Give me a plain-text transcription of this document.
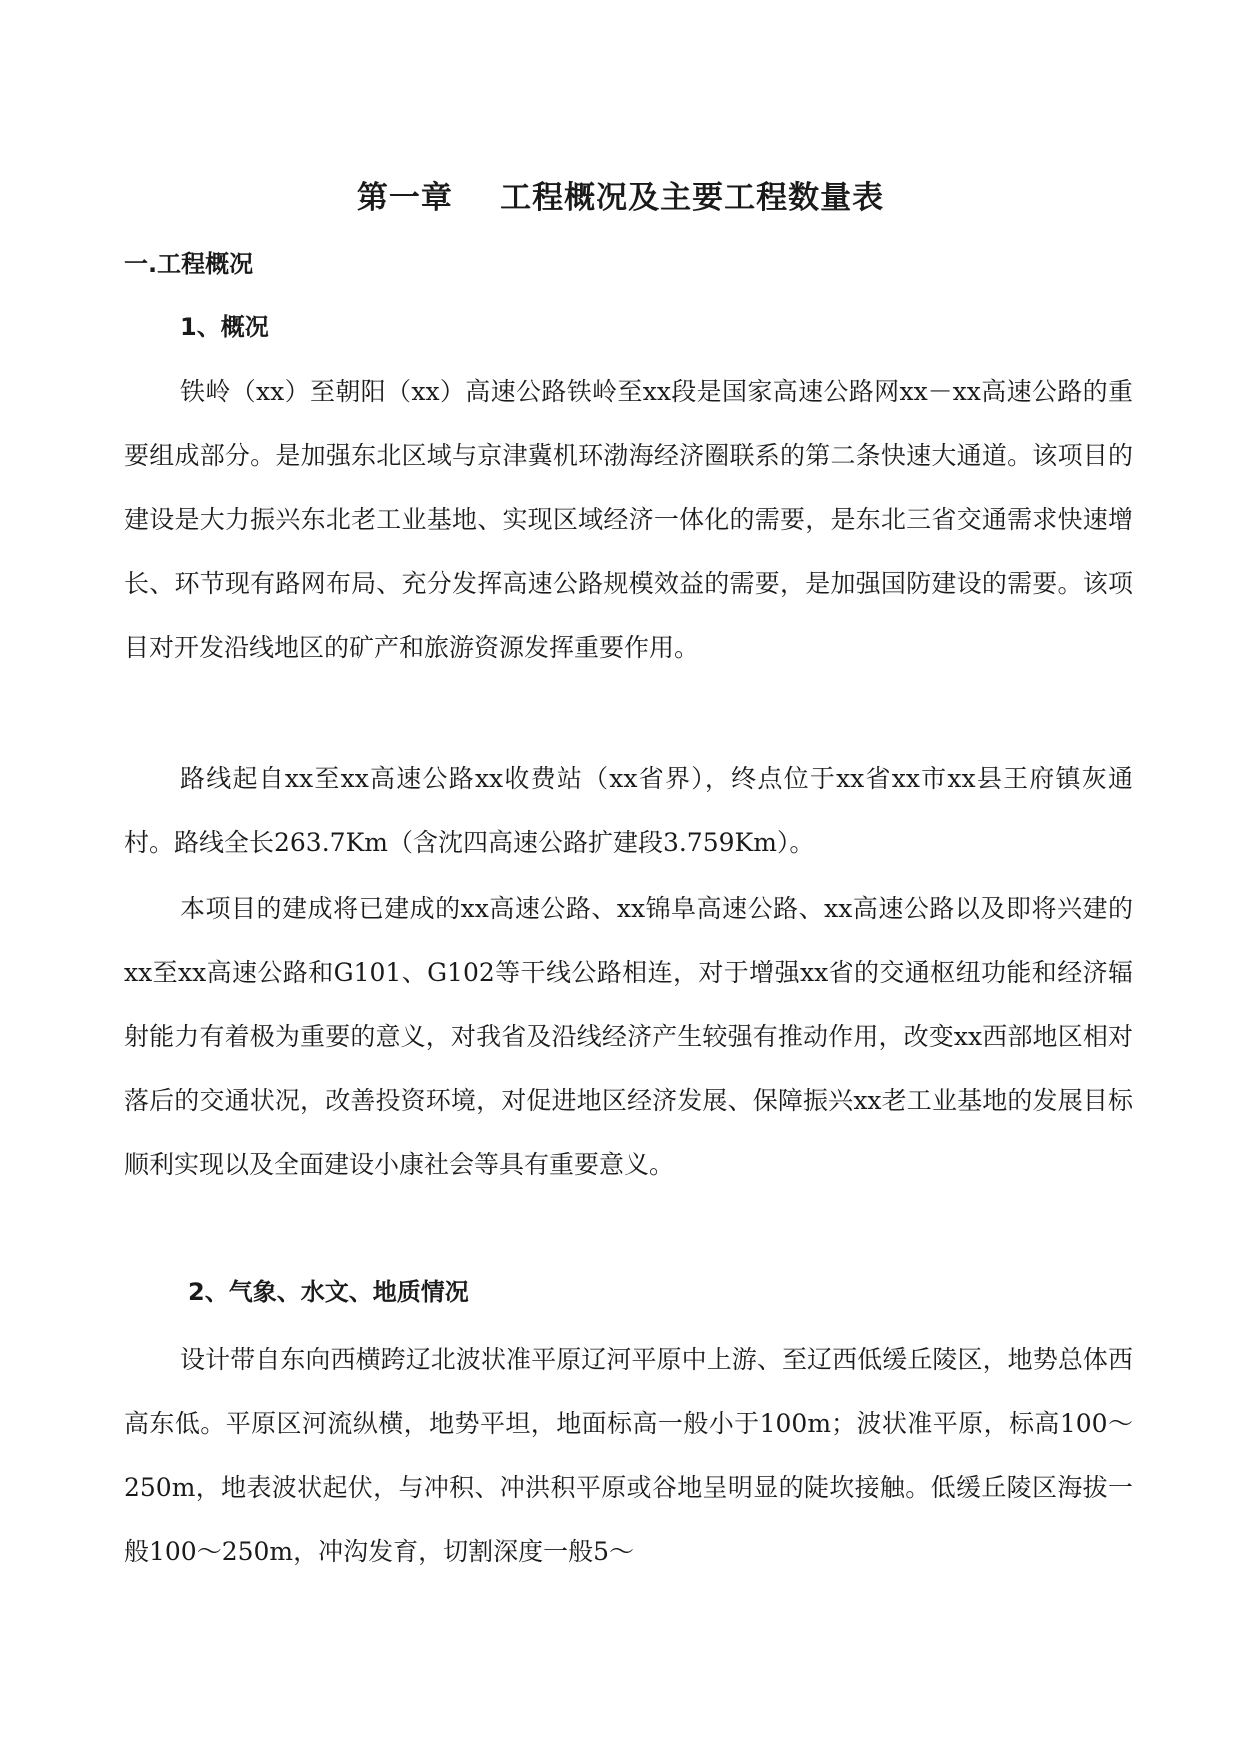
第一章    工程概况及主要工程数量表
一.工程概况
1、概况

铁岭（xx）至朝阳（xx）高速公路铁岭至xx段是国家高速公路网xx－xx高速公路的重要组成部分。是加强东北区域与京津冀机环渤海经济圈联系的第二条快速大通道。该项目的建设是大力振兴东北老工业基地、实现区域经济一体化的需要，是东北三省交通需求快速增长、环节现有路网布局、充分发挥高速公路规模效益的需要，是加强国防建设的需要。该项目对开发沿线地区的矿产和旅游资源发挥重要作用。

路线起自xx至xx高速公路xx收费站（xx省界），终点位于xx省xx市xx县王府镇灰通村。路线全长263.7Km（含沈四高速公路扩建段3.759Km）。

本项目的建成将已建成的xx高速公路、xx锦阜高速公路、xx高速公路以及即将兴建的xx至xx高速公路和G101、G102等干线公路相连，对于增强xx省的交通枢纽功能和经济辐射能力有着极为重要的意义，对我省及沿线经济产生较强有推动作用，改变xx西部地区相对落后的交通状况，改善投资环境，对促进地区经济发展、保障振兴xx老工业基地的发展目标顺利实现以及全面建设小康社会等具有重要意义。

2、气象、水文、地质情况

设计带自东向西横跨辽北波状准平原辽河平原中上游、至辽西低缓丘陵区，地势总体西高东低。平原区河流纵横，地势平坦，地面标高一般小于100m；波状准平原，标高100～250m，地表波状起伏，与冲积、冲洪积平原或谷地呈明显的陡坎接触。低缓丘陵区海拔一般100～250m，冲沟发育，切割深度一般5～
